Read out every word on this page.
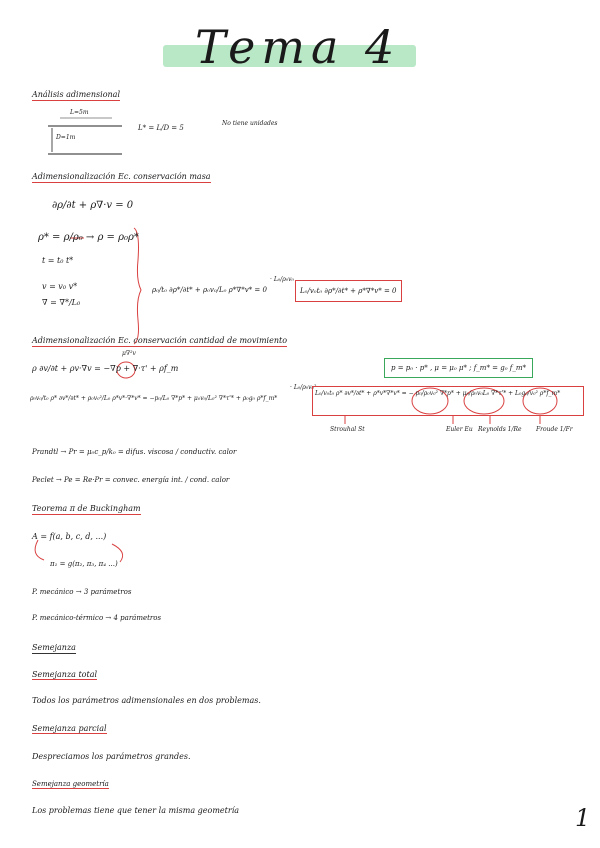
Tema 4
Análisis adimensional
L=5m
D=1m
L* = L/D = 5
No tiene unidades
Adimensionalización Ec. conservación masa
∂ρ/∂t + ρ∇·v = 0
ρ* = ρ/ρ₀ → ρ = ρ₀ρ*
t = t₀ t*
v = v₀ v*
∇ = ∇*/L₀
ρ₀/t₀ ∂ρ*/∂t* + ρ₀v₀/L₀ ρ*∇*v* = 0
· L₀/ρ₀v₀
L₀/v₀t₀ ∂ρ*/∂t* + ρ*∇*v* = 0
Adimensionalización Ec. conservación cantidad de movimiento
μ∇²v
ρ ∂v/∂t + ρv·∇v = −∇p + ∇·τ' + ρf_m	p = p₀ · p* , μ = μ₀ μ* ; f_m* = g₀ f_m*
ρ₀v₀/t₀ ρ* ∂v*/∂t* + ρ₀v₀²/L₀ ρ*v*·∇*v* = −p₀/L₀ ∇*p* + μ₀v₀/L₀² ∇*τ'* + ρ₀g₀ ρ*f_m*
· L₀/ρ₀v₀²
L₀/v₀t₀ ρ* ∂v*/∂t* + ρ*v*∇*v* = − p₀/ρ₀v₀² ∇*p* + μ₀/ρ₀v₀L₀ ∇*τ'* + L₀g₀/v₀² ρ*f_m*
Strouhal St	Euler Eu Reynolds 1/Re Froude 1/Fr
Prandtl → Pr = μ₀c_p/k₀ = difus. viscosa / conductiv. calor
Peclet → Pe = Re·Pr = convec. energía int. / cond. calor
Teorema π de Buckingham
A = f(a, b, c, d, ...)
π₁ = g(π₂, π₃, π₄ ...)
P. mecánico → 3 parámetros
P. mecánico-térmico → 4 parámetros
Semejanza
Semejanza total
Todos los parámetros adimensionales en dos problemas.
Semejanza parcial
Despreciamos los parámetros grandes.
Semejanza geometría
Los problemas tiene que tener la misma geometría	1
